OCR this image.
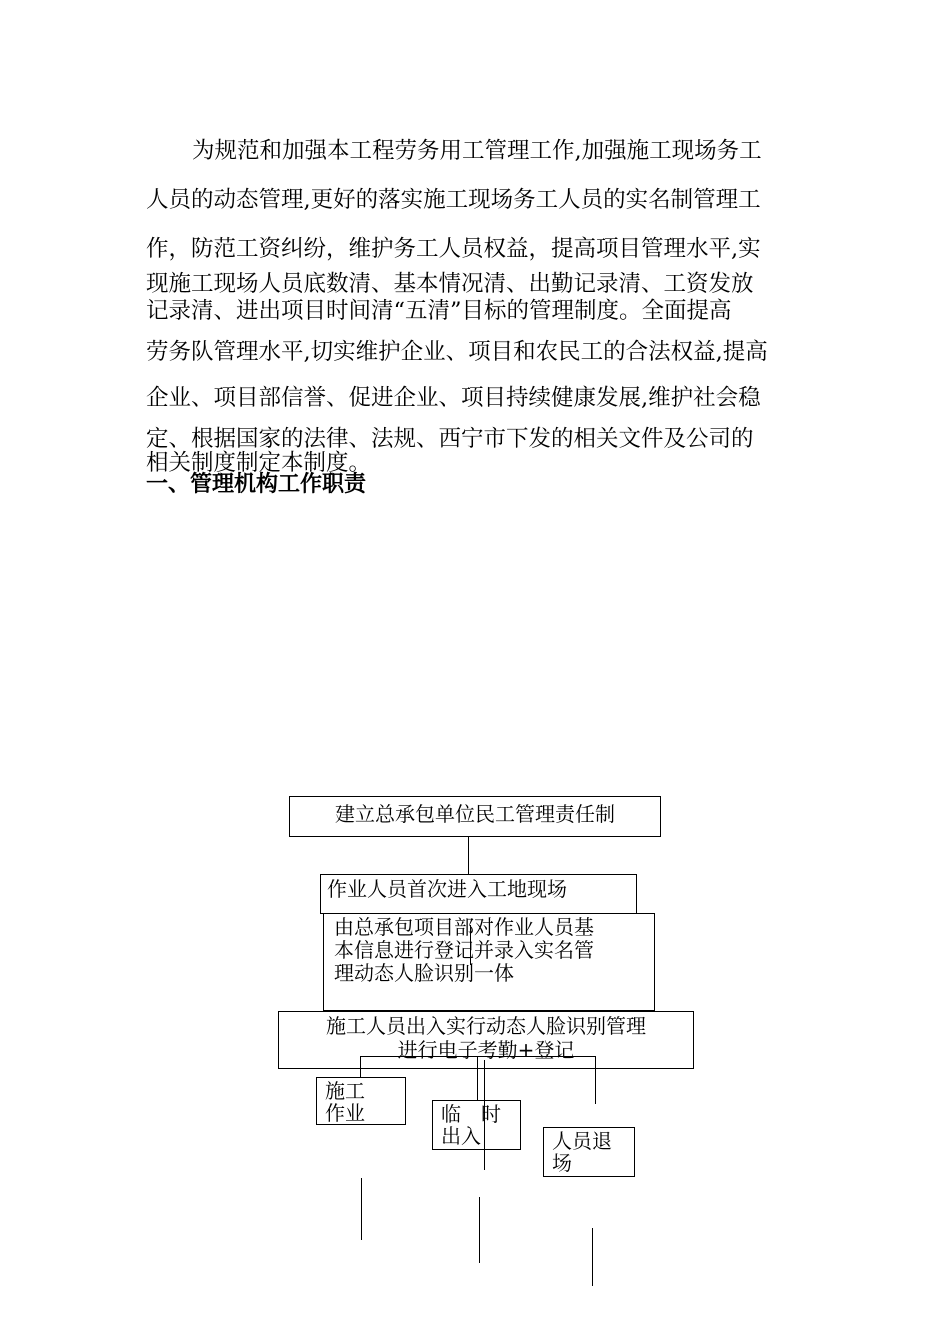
为规范和加强本工程劳务用工管理工作,加强施工现场务工
人员的动态管理,更好的落实施工现场务工人员的实名制管理工
作，防范工资纠纷，维护务工人员权益，提高项目管理水平,实
现施工现场人员底数清、基本情况清、出勤记录清、工资发放
记录清、进出项目时间清“五清”目标的管理制度。全面提高
劳务队管理水平,切实维护企业、项目和农民工的合法权益,提高
企业、项目部信誉、促进企业、项目持续健康发展,维护社会稳
定、根据国家的法律、法规、西宁市下发的相关文件及公司的
相关制度制定本制度。
一、管理机构工作职责
建立总承包单位民工管理责任制
作业人员首次进入工地现场
由总承包项目部对作业人员基
本信息进行登记并录入实名管
理动态人脸识别一体
施工人员出入实行动态人脸识别管理
进行电子考勤+登记
施工
作业	临　时
出入	人员退
场
